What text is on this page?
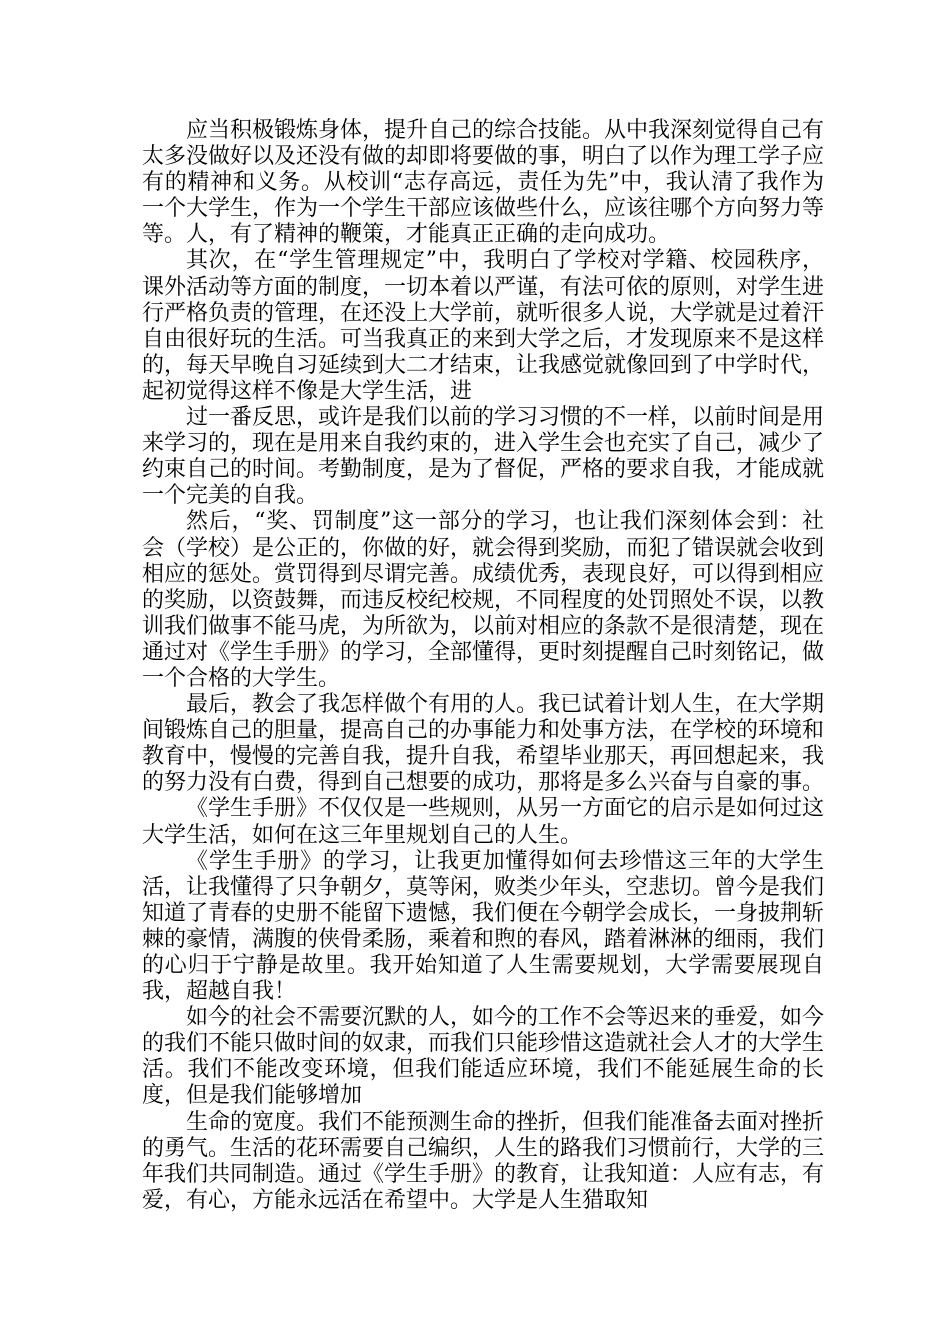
应当积极锻炼身体，提升自己的综合技能。从中我深刻觉得自己有太多没做好以及还没有做的却即将要做的事，明白了以作为理工学子应有的精神和义务。从校训“志存高远，责任为先”中，我认清了我作为一个大学生，作为一个学生干部应该做些什么，应该往哪个方向努力等等。人，有了精神的鞭策，才能真正正确的走向成功。

其次，在“学生管理规定”中，我明白了学校对学籍、校园秩序，课外活动等方面的制度，一切本着以严谨，有法可依的原则，对学生进行严格负责的管理，在还没上大学前，就听很多人说，大学就是过着汗自由很好玩的生活。可当我真正的来到大学之后，才发现原来不是这样的，每天早晚自习延续到大二才结束，让我感觉就像回到了中学时代，起初觉得这样不像是大学生活，进

过一番反思，或许是我们以前的学习习惯的不一样，以前时间是用来学习的，现在是用来自我约束的，进入学生会也充实了自己，减少了约束自己的时间。考勤制度，是为了督促，严格的要求自我，才能成就一个完美的自我。

然后，“奖、罚制度”这一部分的学习，也让我们深刻体会到：社会（学校）是公正的，你做的好，就会得到奖励，而犯了错误就会收到相应的惩处。赏罚得到尽谓完善。成绩优秀，表现良好，可以得到相应的奖励，以资鼓舞，而违反校纪校规，不同程度的处罚照处不误，以教训我们做事不能马虎，为所欲为，以前对相应的条款不是很清楚，现在通过对《学生手册》的学习，全部懂得，更时刻提醒自己时刻铭记，做一个合格的大学生。

最后，教会了我怎样做个有用的人。我已试着计划人生，在大学期间锻炼自己的胆量，提高自己的办事能力和处事方法，在学校的环境和教育中，慢慢的完善自我，提升自我，希望毕业那天，再回想起来，我的努力没有白费，得到自己想要的成功，那将是多么兴奋与自豪的事。

《学生手册》不仅仅是一些规则，从另一方面它的启示是如何过这大学生活，如何在这三年里规划自己的人生。

《学生手册》的学习，让我更加懂得如何去珍惜这三年的大学生活，让我懂得了只争朝夕，莫等闲，败类少年头，空悲切。曾今是我们知道了青春的史册不能留下遗憾，我们便在今朝学会成长，一身披荆斩棘的豪情，满腹的侠骨柔肠，乘着和煦的春风，踏着淋淋的细雨，我们的心归于宁静是故里。我开始知道了人生需要规划，大学需要展现自我，超越自我！

如今的社会不需要沉默的人，如今的工作不会等迟来的垂爱，如今的我们不能只做时间的奴隶，而我们只能珍惜这造就社会人才的大学生活。我们不能改变环境，但我们能适应环境，我们不能延展生命的长度，但是我们能够增加

生命的宽度。我们不能预测生命的挫折，但我们能准备去面对挫折的勇气。生活的花环需要自己编织，人生的路我们习惯前行，大学的三年我们共同制造。通过《学生手册》的教育，让我知道：人应有志，有爱，有心，方能永远活在希望中。大学是人生猎取知
